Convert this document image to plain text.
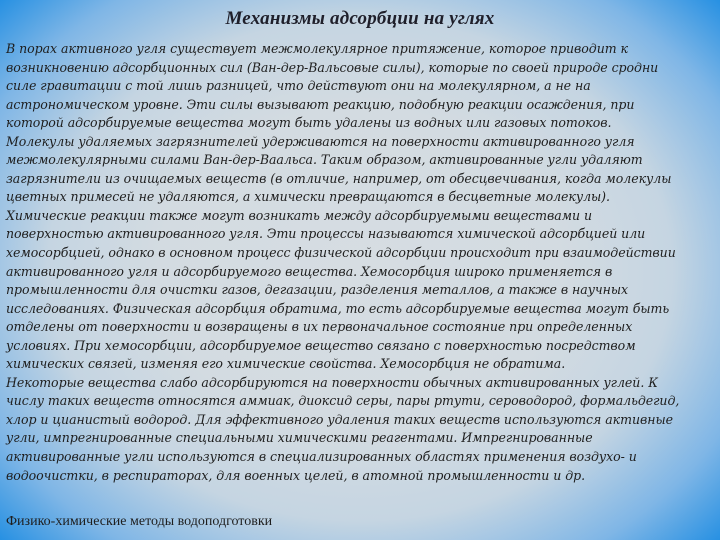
Механизмы адсорбции на углях

В порах активного угля существует межмолекулярное притяжение, которое приводит к
возникновению адсорбционных сил (Ван-дер-Вальсовые силы), которые по своей природе сродни
силе гравитации с той лишь разницей, что действуют они на молекулярном, а не на
астрономическом уровне. Эти силы вызывают реакцию, подобную реакции осаждения, при
которой адсорбируемые вещества могут быть удалены из водных или газовых потоков.
Молекулы удаляемых загрязнителей удерживаются на поверхности активированного угля
межмолекулярными силами Ван-дер-Ваальса. Таким образом, активированные угли удаляют
загрязнители из очищаемых веществ (в отличие, например, от обесцвечивания, когда молекулы
цветных примесей не удаляются, а химически превращаются в бесцветные молекулы).
Химические реакции также могут возникать между адсорбируемыми веществами и
поверхностью активированного угля. Эти процессы называются химической адсорбцией или
хемосорбцией, однако в основном процесс физической адсорбции происходит при взаимодействии
активированного угля и адсорбируемого вещества. Хемосорбция широко применяется в
промышленности для очистки газов, дегазации, разделения металлов, а также в научных
исследованиях. Физическая адсорбция обратима, то есть адсорбируемые вещества могут быть
отделены от поверхности и возвращены в их первоначальное состояние при определенных
условиях. При хемосорбции, адсорбируемое вещество связано с поверхностью посредством
химических связей, изменяя его химические свойства. Хемосорбция не обратима.
Некоторые вещества слабо адсорбируются на поверхности обычных активированных углей. К
числу таких веществ относятся аммиак, диоксид серы, пары ртути, сероводород, формальдегид,
хлор и цианистый водород. Для эффективного удаления таких веществ используются активные
угли, импрегнированные специальными химическими реагентами. Импрегнированные
активированные угли используются в специализированных областях применения воздухо- и
водоочистки, в респираторах, для военных целей, в атомной промышленности и др.

Физико-химические методы водоподготовки
